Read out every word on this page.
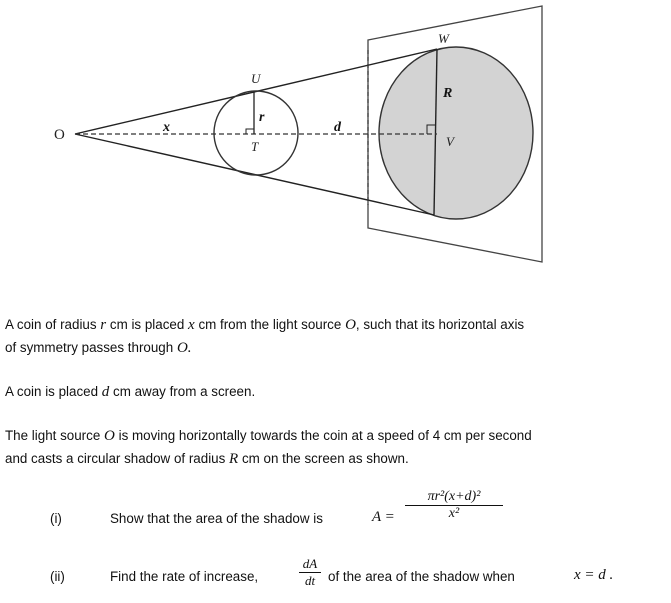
O
U
T
W
V
x
r
d
R
A coin of radius r cm is placed x cm from the light source O, such that its horizontal axis
of symmetry passes through O.
A coin is placed d cm away from a screen.
The light source O is moving horizontally towards the coin at a speed of 4 cm per second
and casts a circular shadow of radius R cm on the screen as shown.
(i)	Show that the area of the shadow is	$A = \frac{\text{πr²(x+d)²}}{\text{x²}}$
(ii)	Find the rate of increase,	$\frac{dA}{dt}$ of the area of the shadow when	x = d .
